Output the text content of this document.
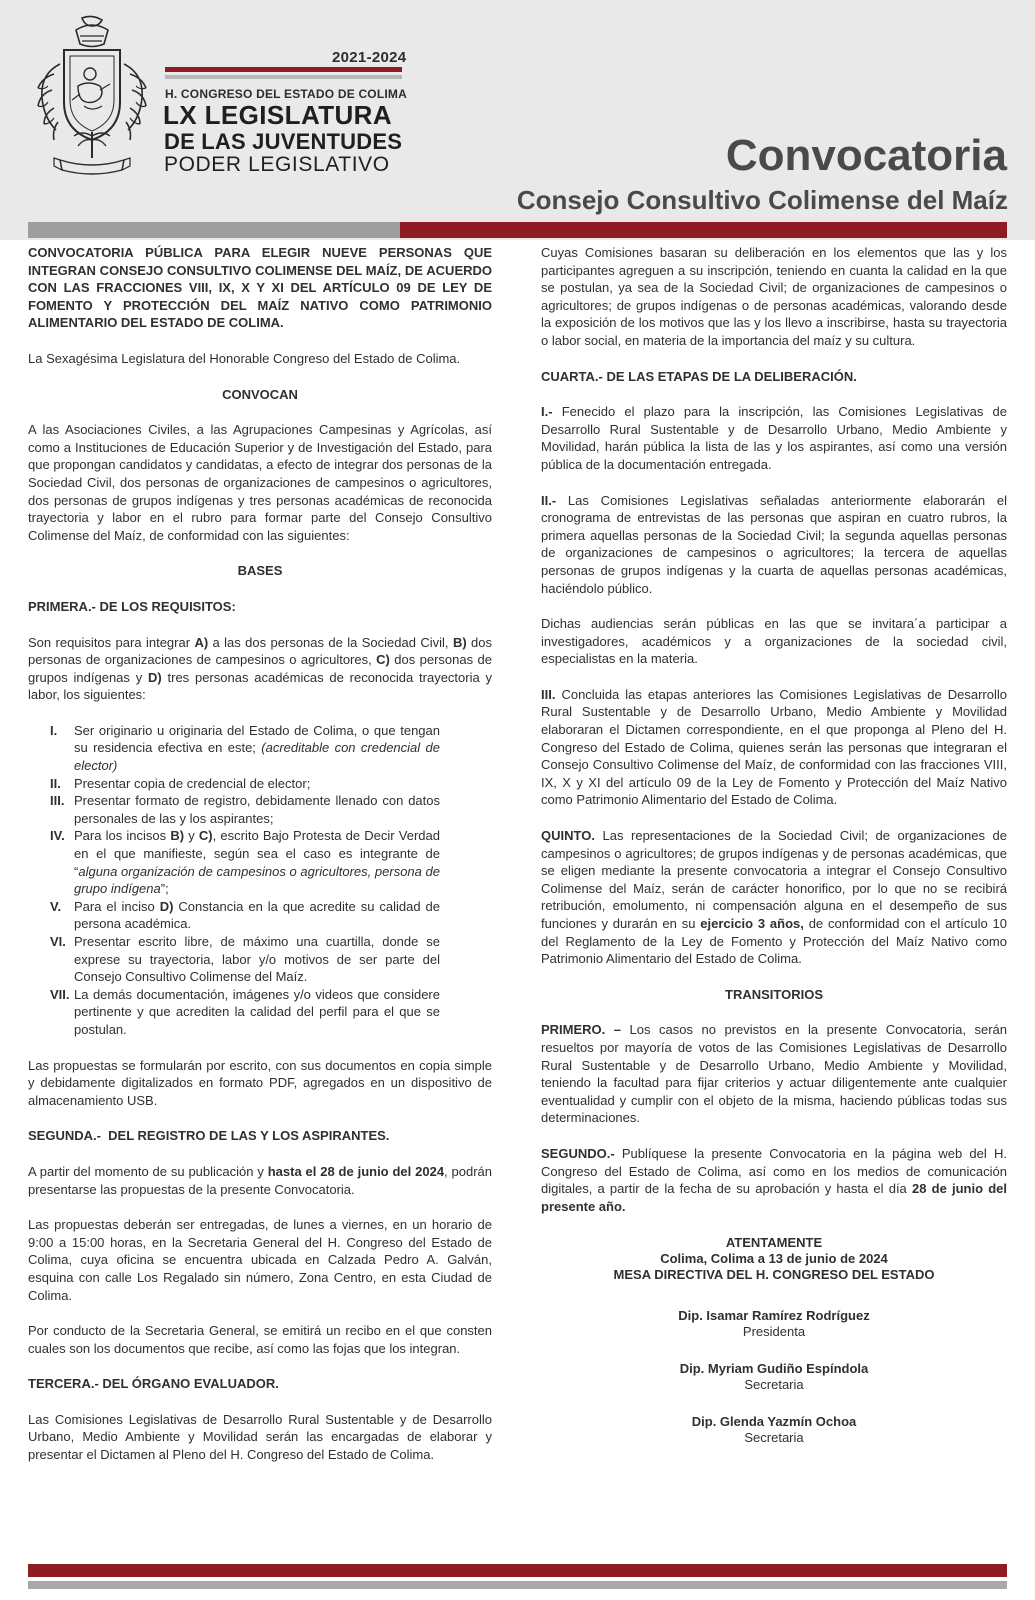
2021-2024
H. CONGRESO DEL ESTADO DE COLIMA
LX LEGISLATURA
DE LAS JUVENTUDES
PODER LEGISLATIVO	Convocatoria
Consejo Consultivo Colimense del Maíz

CONVOCATORIA PÚBLICA PARA ELEGIR NUEVE PERSONAS QUE INTEGRAN CONSEJO CONSULTIVO COLIMENSE DEL MAÍZ, DE ACUERDO CON LAS FRACCIONES VIII, IX, X Y XI DEL ARTÍCULO 09 DE LEY DE FOMENTO Y PROTECCIÓN DEL MAÍZ NATIVO COMO PATRIMONIO ALIMENTARIO DEL ESTADO DE COLIMA.

La Sexagésima Legislatura del Honorable Congreso del Estado de Colima.

CONVOCAN

A las Asociaciones Civiles, a las Agrupaciones Campesinas y Agrícolas, así como a Instituciones de Educación Superior y de Investigación del Estado, para que propongan candidatos y candidatas, a efecto de integrar dos personas de la Sociedad Civil, dos personas de organizaciones de campesinos o agricultores, dos personas de grupos indígenas y tres personas académicas de reconocida trayectoria y labor en el rubro para formar parte del Consejo Consultivo Colimense del Maíz, de conformidad con las siguientes:

BASES

PRIMERA.- DE LOS REQUISITOS:

Son requisitos para integrar A) a las dos personas de la Sociedad Civil, B) dos personas de organizaciones de campesinos o agricultores, C) dos personas de grupos indígenas y D) tres personas académicas de reconocida trayectoria y labor, los siguientes:

I. Ser originario u originaria del Estado de Colima, o que tengan su residencia efectiva en este; (acreditable con credencial de elector)
II. Presentar copia de credencial de elector;
III. Presentar formato de registro, debidamente llenado con datos personales de las y los aspirantes;
IV. Para los incisos B) y C), escrito Bajo Protesta de Decir Verdad en el que manifieste, según sea el caso es integrante de “alguna organización de campesinos o agricultores, persona de grupo indígena”;
V. Para el inciso D) Constancia en la que acredite su calidad de persona académica.
VI. Presentar escrito libre, de máximo una cuartilla, donde se exprese su trayectoria, labor y/o motivos de ser parte del Consejo Consultivo Colimense del Maíz.
VII. La demás documentación, imágenes y/o videos que considere pertinente y que acrediten la calidad del perfil para el que se postulan.

Las propuestas se formularán por escrito, con sus documentos en copia simple y debidamente digitalizados en formato PDF, agregados en un dispositivo de almacenamiento USB.

SEGUNDA.-  DEL REGISTRO DE LAS Y LOS ASPIRANTES.

A partir del momento de su publicación y hasta el 28 de junio del 2024, podrán presentarse las propuestas de la presente Convocatoria.

Las propuestas deberán ser entregadas, de lunes a viernes, en un horario de 9:00 a 15:00 horas, en la Secretaria General del H. Congreso del Estado de Colima, cuya oficina se encuentra ubicada en Calzada Pedro A. Galván, esquina con calle Los Regalado sin número, Zona Centro, en esta Ciudad de Colima.

Por conducto de la Secretaria General, se emitirá un recibo en el que consten cuales son los documentos que recibe, así como las fojas que los integran.

TERCERA.- DEL ÓRGANO EVALUADOR.

Las Comisiones Legislativas de Desarrollo Rural Sustentable y de Desarrollo Urbano, Medio Ambiente y Movilidad serán las encargadas de elaborar y presentar el Dictamen al Pleno del H. Congreso del Estado de Colima.

Cuyas Comisiones basaran su deliberación en los elementos que las y los participantes agreguen a su inscripción, teniendo en cuanta la calidad en la que se postulan, ya sea de la Sociedad Civil; de organizaciones de campesinos o agricultores; de grupos indígenas o de personas académicas, valorando desde la exposición de los motivos que las y los llevo a inscribirse, hasta su trayectoria o labor social, en materia de la importancia del maíz y su cultura.

CUARTA.- DE LAS ETAPAS DE LA DELIBERACIÓN.

I.- Fenecido el plazo para la inscripción, las Comisiones Legislativas de Desarrollo Rural Sustentable y de Desarrollo Urbano, Medio Ambiente y Movilidad, harán pública la lista de las y los aspirantes, así como una versión pública de la documentación entregada.

II.- Las Comisiones Legislativas señaladas anteriormente elaborarán el cronograma de entrevistas de las personas que aspiran en cuatro rubros, la primera aquellas personas de la Sociedad Civil; la segunda aquellas personas de organizaciones de campesinos o agricultores; la tercera de aquellas personas de grupos indígenas y la cuarta de aquellas personas académicas, haciéndolo público.

Dichas audiencias serán públicas en las que se invitara´a participar a investigadores, académicos y a organizaciones de la sociedad civil, especialistas en la materia.

III. Concluida las etapas anteriores las Comisiones Legislativas de Desarrollo Rural Sustentable y de Desarrollo Urbano, Medio Ambiente y Movilidad elaboraran el Dictamen correspondiente, en el que proponga al Pleno del H. Congreso del Estado de Colima, quienes serán las personas que integraran el Consejo Consultivo Colimense del Maíz, de conformidad con las fracciones VIII, IX, X y XI del artículo 09 de la Ley de Fomento y Protección del Maíz Nativo como Patrimonio Alimentario del Estado de Colima.

QUINTO. Las representaciones de la Sociedad Civil; de organizaciones de campesinos o agricultores; de grupos indígenas y de personas académicas, que se eligen mediante la presente convocatoria a integrar el Consejo Consultivo Colimense del Maíz, serán de carácter honorifico, por lo que no se recibirá retribución, emolumento, ni compensación alguna en el desempeño de sus funciones y durarán en su ejercicio 3 años, de conformidad con el artículo 10 del Reglamento de la Ley de Fomento y Protección del Maíz Nativo como Patrimonio Alimentario del Estado de Colima.

TRANSITORIOS

PRIMERO. – Los casos no previstos en la presente Convocatoria, serán resueltos por mayoría de votos de las Comisiones Legislativas de Desarrollo Rural Sustentable y de Desarrollo Urbano, Medio Ambiente y Movilidad, teniendo la facultad para fijar criterios y actuar diligentemente ante cualquier eventualidad y cumplir con el objeto de la misma, haciendo públicas todas sus determinaciones.

SEGUNDO.- Publíquese la presente Convocatoria en la página web del H. Congreso del Estado de Colima, así como en los medios de comunicación digitales, a partir de la fecha de su aprobación y hasta el día 28 de junio del presente año.

ATENTAMENTE
Colima, Colima a 13 de junio de 2024
MESA DIRECTIVA DEL H. CONGRESO DEL ESTADO
Dip. Isamar Ramírez Rodríguez
Presidenta
Dip. Myriam Gudiño Espíndola
Secretaria
Dip. Glenda Yazmín Ochoa
Secretaria
